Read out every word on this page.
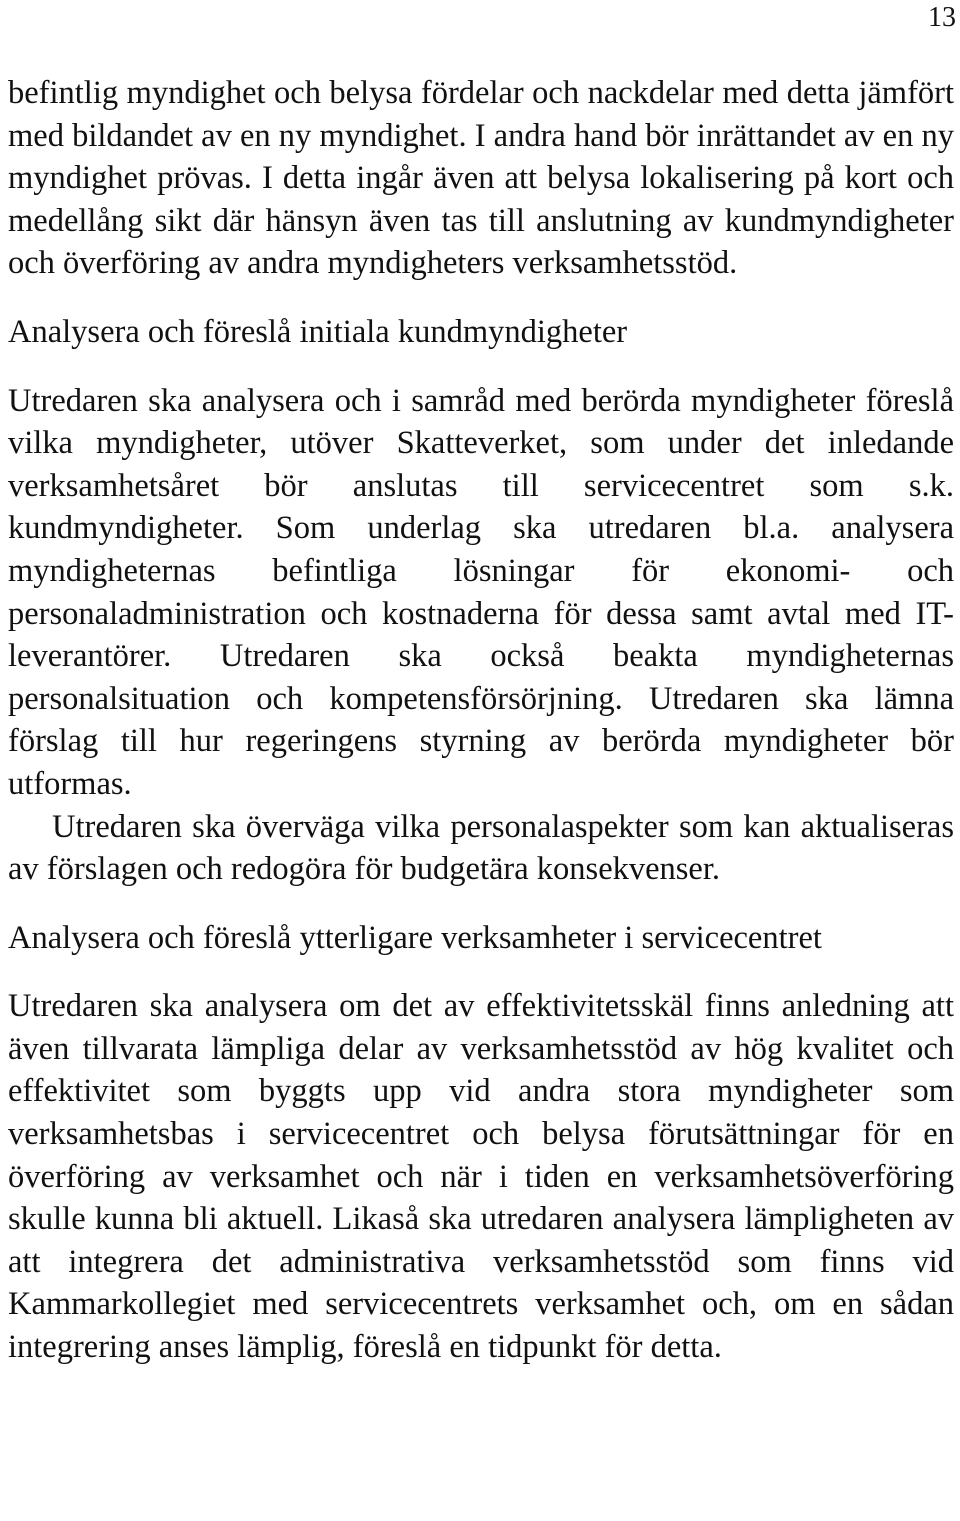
13

befintlig myndighet och belysa fördelar och nackdelar med detta jämfört med bildandet av en ny myndighet. I andra hand bör inrättandet av en ny myndighet prövas. I detta ingår även att belysa lokalisering på kort och medellång sikt där hänsyn även tas till anslutning av kundmyndigheter och överföring av andra myndigheters verksamhetsstöd.

Analysera och föreslå initiala kundmyndigheter

Utredaren ska analysera och i samråd med berörda myndigheter föreslå vilka myndigheter, utöver Skatteverket, som under det inledande verksamhetsåret bör anslutas till servicecentret som s.k. kundmyndigheter. Som underlag ska utredaren bl.a. analysera myndigheternas befintliga lösningar för ekonomi- och personaladministration och kostnaderna för dessa samt avtal med IT-leverantörer. Utredaren ska också beakta myndigheternas personalsituation och kompetensförsörjning. Utredaren ska lämna förslag till hur regeringens styrning av berörda myndigheter bör utformas.

Utredaren ska överväga vilka personalaspekter som kan aktualiseras av förslagen och redogöra för budgetära konsekvenser.

Analysera och föreslå ytterligare verksamheter i servicecentret

Utredaren ska analysera om det av effektivitetsskäl finns anledning att även tillvarata lämpliga delar av verksamhetsstöd av hög kvalitet och effektivitet som byggts upp vid andra stora myndigheter som verksamhetsbas i servicecentret och belysa förutsättningar för en överföring av verksamhet och när i tiden en verksamhetsöverföring skulle kunna bli aktuell. Likaså ska utredaren analysera lämpligheten av att integrera det administrativa verksamhetsstöd som finns vid Kammarkollegiet med servicecentrets verksamhet och, om en sådan integrering anses lämplig, föreslå en tidpunkt för detta.
